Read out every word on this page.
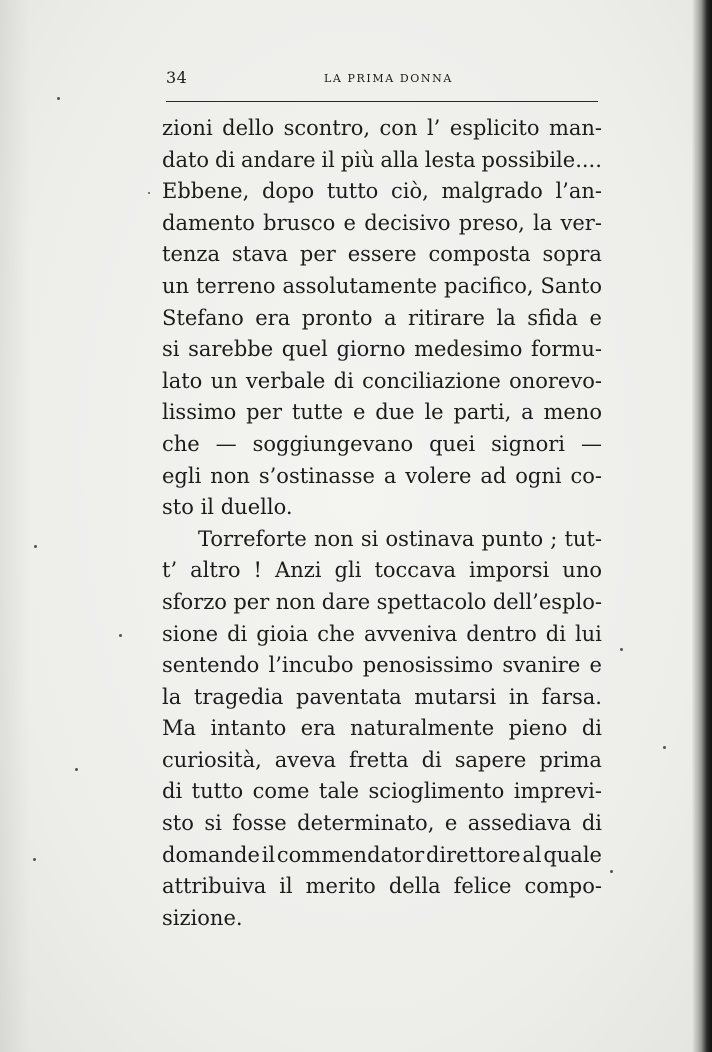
34	LA PRIMA DONNA
zioni dello scontro, con l’ esplicito man-
dato di andare il più alla lesta possibile....
Ebbene, dopo tutto ciò, malgrado l’an-
damento brusco e decisivo preso, la ver-
tenza stava per essere composta sopra
un terreno assolutamente pacifico, Santo
Stefano era pronto a ritirare la sfida e
si sarebbe quel giorno medesimo formu-
lato un verbale di conciliazione onorevo-
lissimo per tutte e due le parti, a meno
che — soggiungevano quei signori —
egli non s’ostinasse a volere ad ogni co-
sto il duello.
Torreforte non si ostinava punto ; tut-
t’ altro ! Anzi gli toccava imporsi uno
sforzo per non dare spettacolo dell’esplo-
sione di gioia che avveniva dentro di lui
sentendo l’incubo penosissimo svanire e
la tragedia paventata mutarsi in farsa.
Ma intanto era naturalmente pieno di
curiosità, aveva fretta di sapere prima
di tutto come tale scioglimento imprevi-
sto si fosse determinato, e assediava di
domande il commendator direttore al quale
attribuiva il merito della felice compo-
sizione.
